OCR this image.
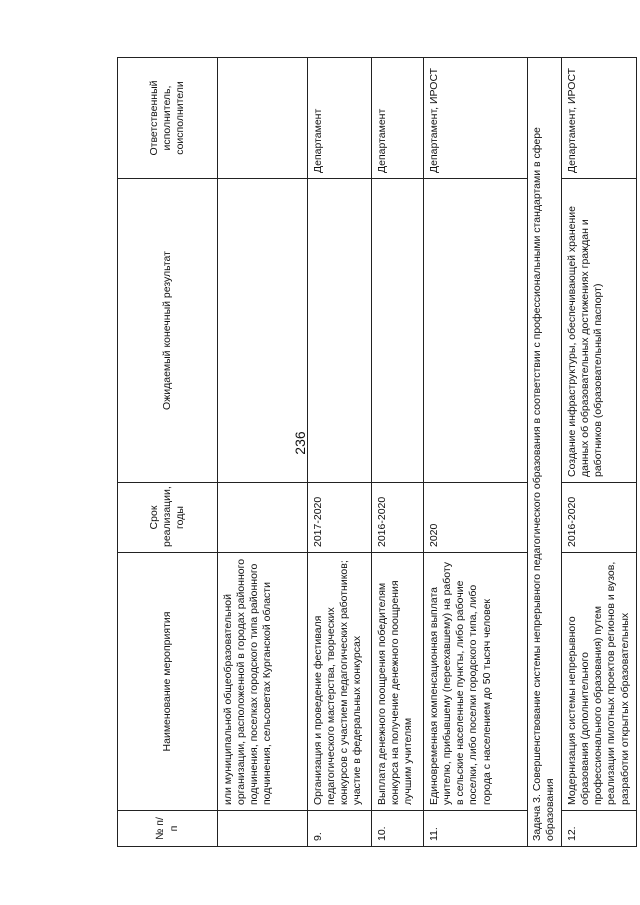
236
№ п/п	Наименование мероприятия	Срок реализации, годы	Ожидаемый конечный результат	Ответственный исполнитель, соисполнители
	или муниципальной общеобразовательной организации, расположенной в городах районного подчинения, поселках городского типа районного подчинения, сельсоветах Курганской области			
9.	Организация и проведение фестиваля педагогического мастерства, творческих конкурсов с участием педагогических работников; участие в федеральных конкурсах	2017-2020		Департамент
10.	Выплата денежного поощрения победителям конкурса на получение денежного поощрения лучшим учителям	2016-2020		Департамент
11.	Единовременная компенсационная выплата учителю, прибывшему (переехавшему) на работу в сельские населенные пункты, либо рабочие поселки, либо поселки городского типа, либо города с населением до 50 тысяч человек	2020		Департамент, ИРОСТ
Задача 3. Совершенствование системы непрерывного педагогического образования в соответствии с профессиональными стандартами в сфере образования				
12.	Модернизация системы непрерывного образования (дополнительного профессионального образования) путем реализации пилотных проектов регионов и вузов, разработки открытых образовательных	2016-2020	Создание инфраструктуры, обеспечивающей хранение данных об образовательных достижениях граждан и работников (образовательный паспорт)	Департамент, ИРОСТ
